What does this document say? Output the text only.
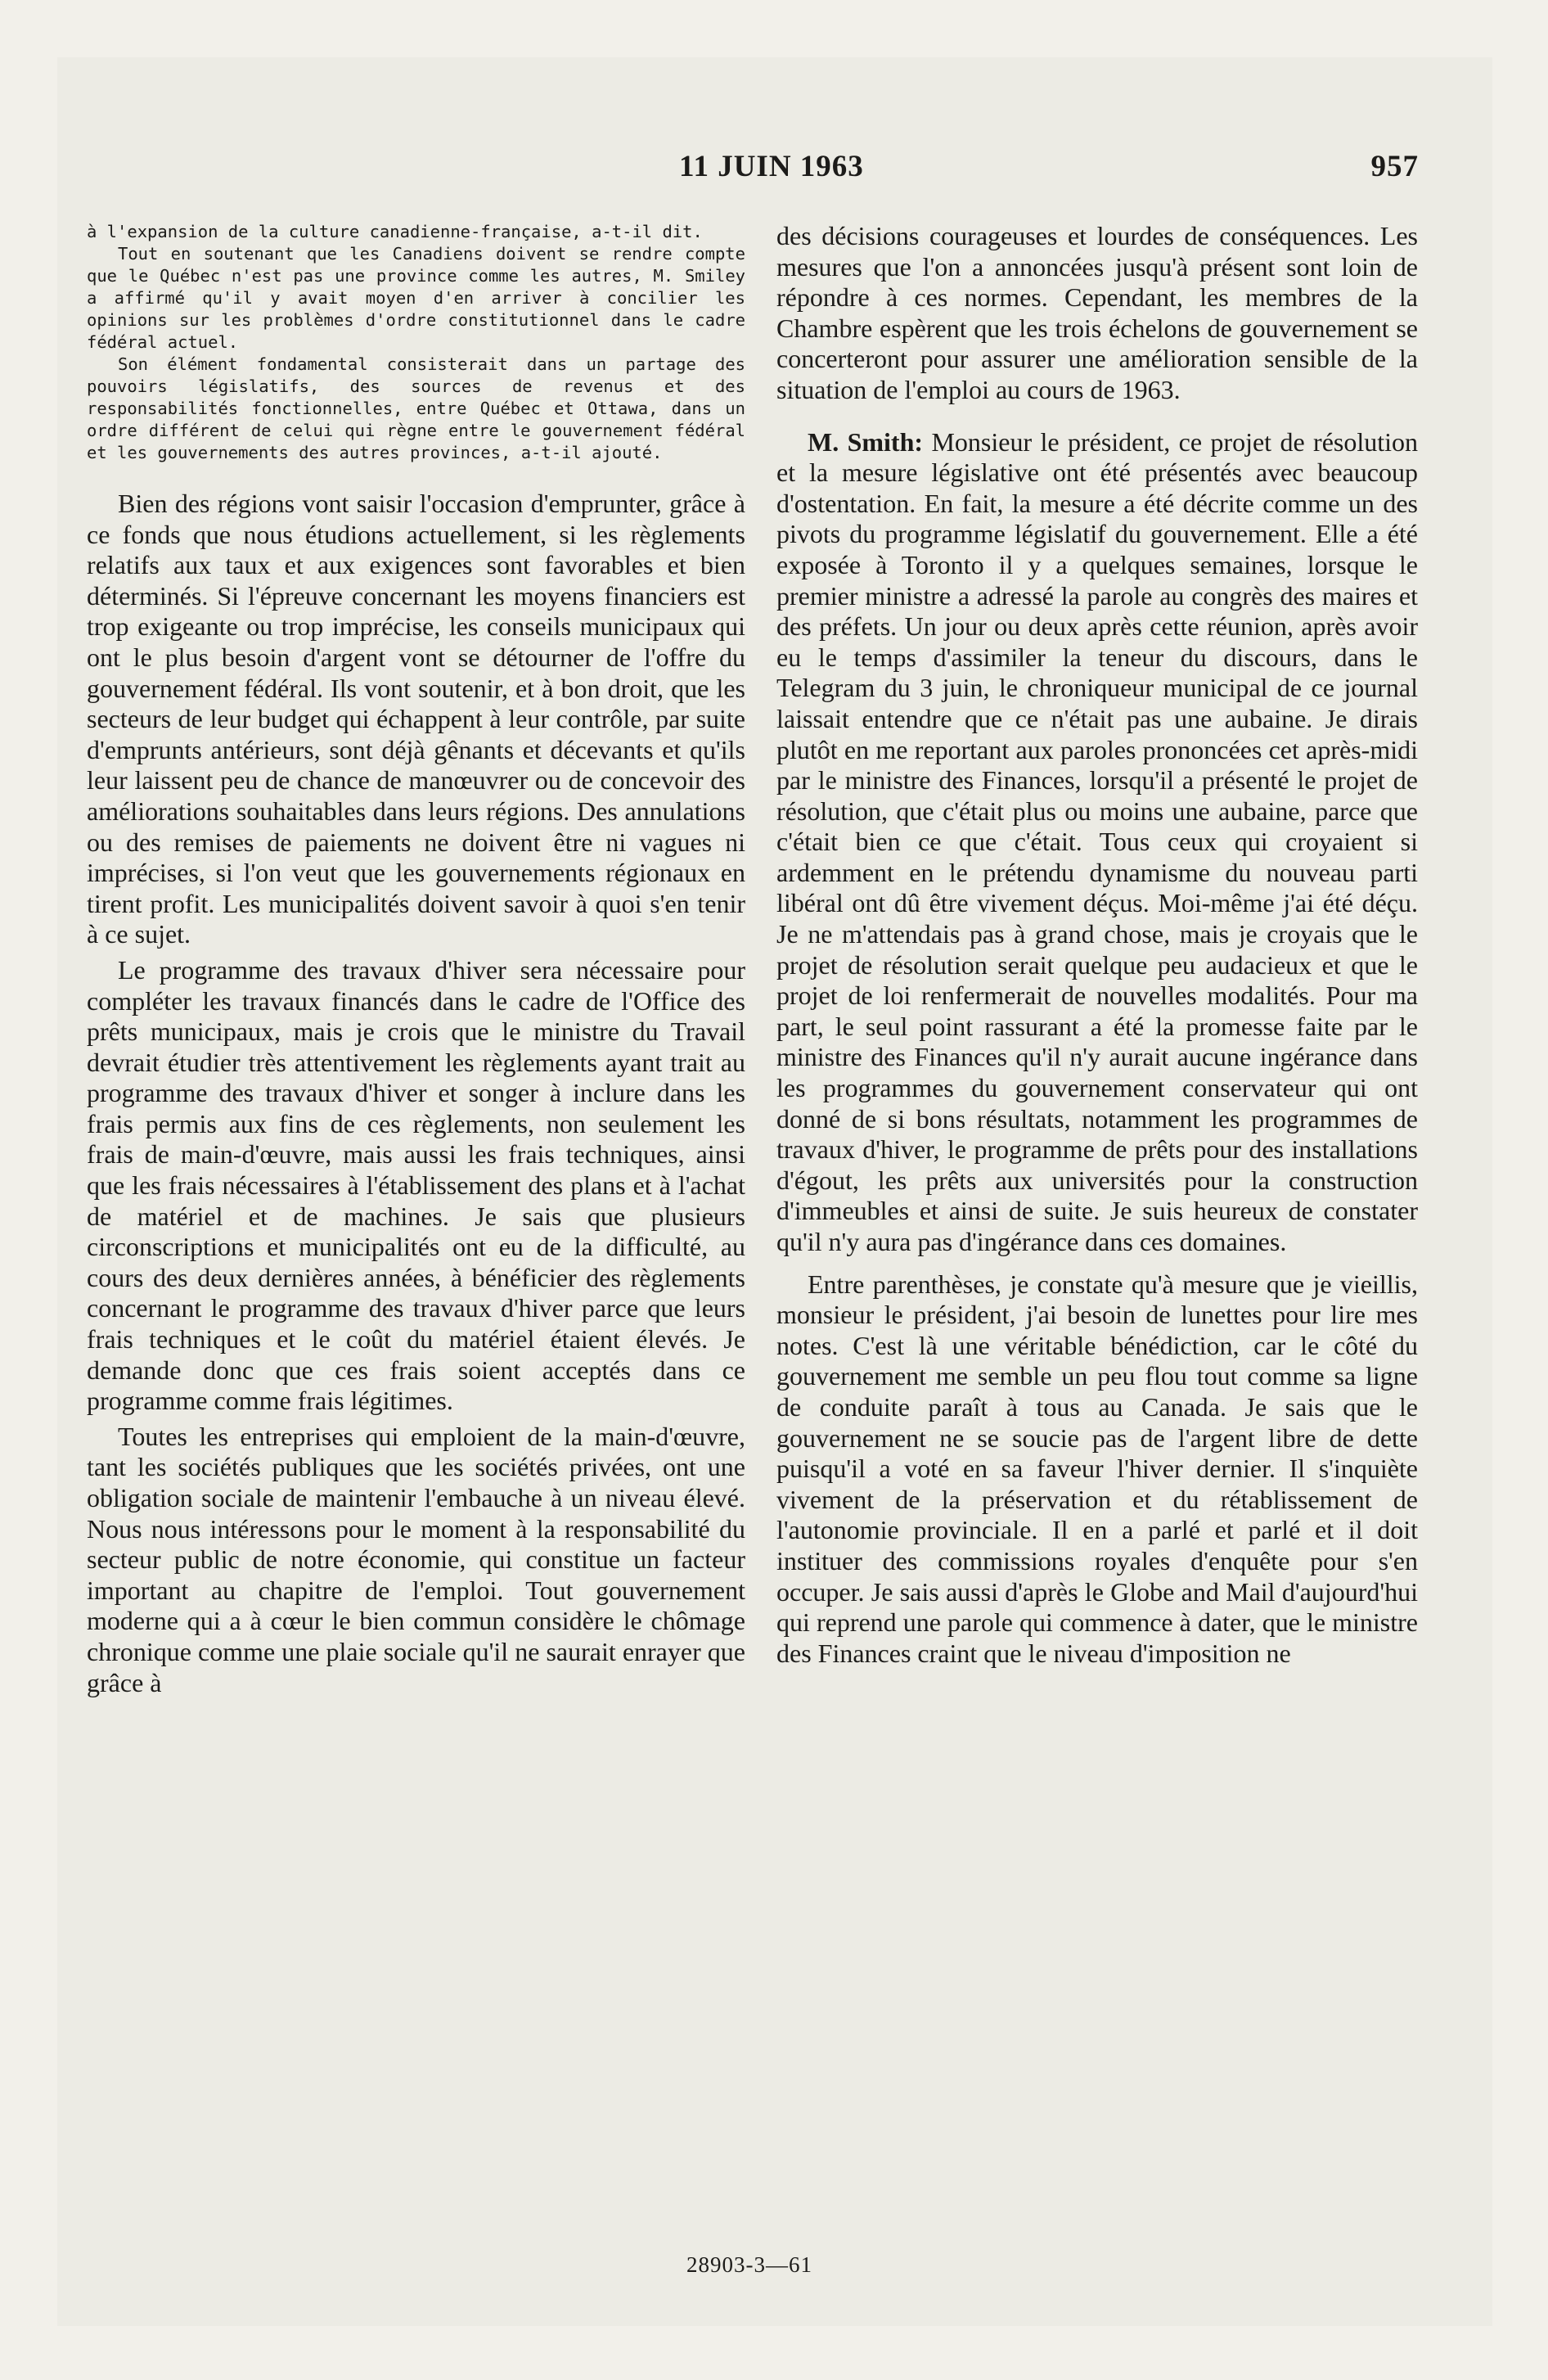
11 JUIN 1963	957

à l'expansion de la culture canadienne-française, a-t-il dit.

Tout en soutenant que les Canadiens doivent se rendre compte que le Québec n'est pas une province comme les autres, M. Smiley a affirmé qu'il y avait moyen d'en arriver à concilier les opinions sur les problèmes d'ordre constitutionnel dans le cadre fédéral actuel.

Son élément fondamental consisterait dans un partage des pouvoirs législatifs, des sources de revenus et des responsabilités fonctionnelles, entre Québec et Ottawa, dans un ordre différent de celui qui règne entre le gouvernement fédéral et les gouvernements des autres provinces, a-t-il ajouté.

Bien des régions vont saisir l'occasion d'emprunter, grâce à ce fonds que nous étudions actuellement, si les règlements relatifs aux taux et aux exigences sont favorables et bien déterminés. Si l'épreuve concernant les moyens financiers est trop exigeante ou trop imprécise, les conseils municipaux qui ont le plus besoin d'argent vont se détourner de l'offre du gouvernement fédéral. Ils vont soutenir, et à bon droit, que les secteurs de leur budget qui échappent à leur contrôle, par suite d'emprunts antérieurs, sont déjà gênants et décevants et qu'ils leur laissent peu de chance de manœuvrer ou de concevoir des améliorations souhaitables dans leurs régions. Des annulations ou des remises de paiements ne doivent être ni vagues ni imprécises, si l'on veut que les gouvernements régionaux en tirent profit. Les municipalités doivent savoir à quoi s'en tenir à ce sujet.

Le programme des travaux d'hiver sera nécessaire pour compléter les travaux financés dans le cadre de l'Office des prêts municipaux, mais je crois que le ministre du Travail devrait étudier très attentivement les règlements ayant trait au programme des travaux d'hiver et songer à inclure dans les frais permis aux fins de ces règlements, non seulement les frais de main-d'œuvre, mais aussi les frais techniques, ainsi que les frais nécessaires à l'établissement des plans et à l'achat de matériel et de machines. Je sais que plusieurs circonscriptions et municipalités ont eu de la difficulté, au cours des deux dernières années, à bénéficier des règlements concernant le programme des travaux d'hiver parce que leurs frais techniques et le coût du matériel étaient élevés. Je demande donc que ces frais soient acceptés dans ce programme comme frais légitimes.

Toutes les entreprises qui emploient de la main-d'œuvre, tant les sociétés publiques que les sociétés privées, ont une obligation sociale de maintenir l'embauche à un niveau élevé. Nous nous intéressons pour le moment à la responsabilité du secteur public de notre économie, qui constitue un facteur important au chapitre de l'emploi. Tout gouvernement moderne qui a à cœur le bien commun considère le chômage chronique comme une plaie sociale qu'il ne saurait enrayer que grâce à

des décisions courageuses et lourdes de conséquences. Les mesures que l'on a annoncées jusqu'à présent sont loin de répondre à ces normes. Cependant, les membres de la Chambre espèrent que les trois échelons de gouvernement se concerteront pour assurer une amélioration sensible de la situation de l'emploi au cours de 1963.

M. Smith: Monsieur le président, ce projet de résolution et la mesure législative ont été présentés avec beaucoup d'ostentation. En fait, la mesure a été décrite comme un des pivots du programme législatif du gouvernement. Elle a été exposée à Toronto il y a quelques semaines, lorsque le premier ministre a adressé la parole au congrès des maires et des préfets. Un jour ou deux après cette réunion, après avoir eu le temps d'assimiler la teneur du discours, dans le Telegram du 3 juin, le chroniqueur municipal de ce journal laissait entendre que ce n'était pas une aubaine. Je dirais plutôt en me reportant aux paroles prononcées cet après-midi par le ministre des Finances, lorsqu'il a présenté le projet de résolution, que c'était plus ou moins une aubaine, parce que c'était bien ce que c'était. Tous ceux qui croyaient si ardemment en le prétendu dynamisme du nouveau parti libéral ont dû être vivement déçus. Moi-même j'ai été déçu. Je ne m'attendais pas à grand chose, mais je croyais que le projet de résolution serait quelque peu audacieux et que le projet de loi renfermerait de nouvelles modalités. Pour ma part, le seul point rassurant a été la promesse faite par le ministre des Finances qu'il n'y aurait aucune ingérance dans les programmes du gouvernement conservateur qui ont donné de si bons résultats, notamment les programmes de travaux d'hiver, le programme de prêts pour des installations d'égout, les prêts aux universités pour la construction d'immeubles et ainsi de suite. Je suis heureux de constater qu'il n'y aura pas d'ingérance dans ces domaines.

Entre parenthèses, je constate qu'à mesure que je vieillis, monsieur le président, j'ai besoin de lunettes pour lire mes notes. C'est là une véritable bénédiction, car le côté du gouvernement me semble un peu flou tout comme sa ligne de conduite paraît à tous au Canada. Je sais que le gouvernement ne se soucie pas de l'argent libre de dette puisqu'il a voté en sa faveur l'hiver dernier. Il s'inquiète vivement de la préservation et du rétablissement de l'autonomie provinciale. Il en a parlé et parlé et il doit instituer des commissions royales d'enquête pour s'en occuper. Je sais aussi d'après le Globe and Mail d'aujourd'hui qui reprend une parole qui commence à dater, que le ministre des Finances craint que le niveau d'imposition ne

28903-3—61
